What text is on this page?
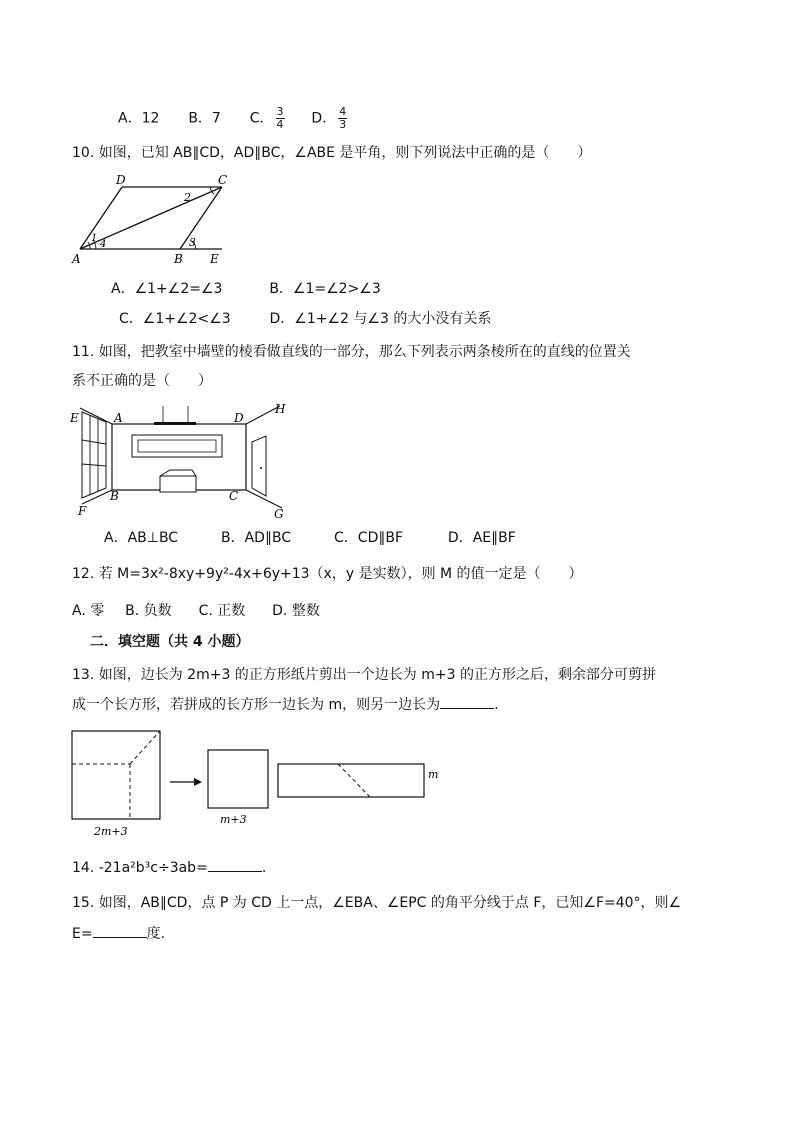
A．12 B．7 C． $\frac{3}{4}$ D． $\frac{4}{3}$
10. 如图，已知 AB∥CD，AD∥BC，∠ABE 是平角，则下列说法中正确的是（　　）
D	C
2
1
4	3
A	B E
A．∠1+∠2=∠3	B．∠1=∠2>∠3
C．∠1+∠2<∠3	D．∠1+∠2 与∠3 的大小没有关系
11. 如图，把教室中墙壁的棱看做直线的一部分，那么下列表示两条棱所在的直线的位置关
系不正确的是（　　）
E	A	D
H
F
B	C
G
A．AB⊥BC	B．AD∥BC	C．CD∥BF	D．AE∥BF
12. 若 M=3x²-8xy+9y²-4x+6y+13（x，y 是实数），则 M 的值一定是（　　）
A. 零 B. 负数 C. 正数 D. 整数
二．填空题（共 4 小题）
13. 如图，边长为 2m+3 的正方形纸片剪出一个边长为 m+3 的正方形之后，剩余部分可剪拼
成一个长方形，若拼成的长方形一边长为 m，则另一边长为	.
2m+3
m+3
m
14. -21a²b³c÷3ab=	.
15. 如图，AB∥CD，点 P 为 CD 上一点，∠EBA、∠EPC 的角平分线于点 F，已知∠F=40°，则∠
E=	度.
